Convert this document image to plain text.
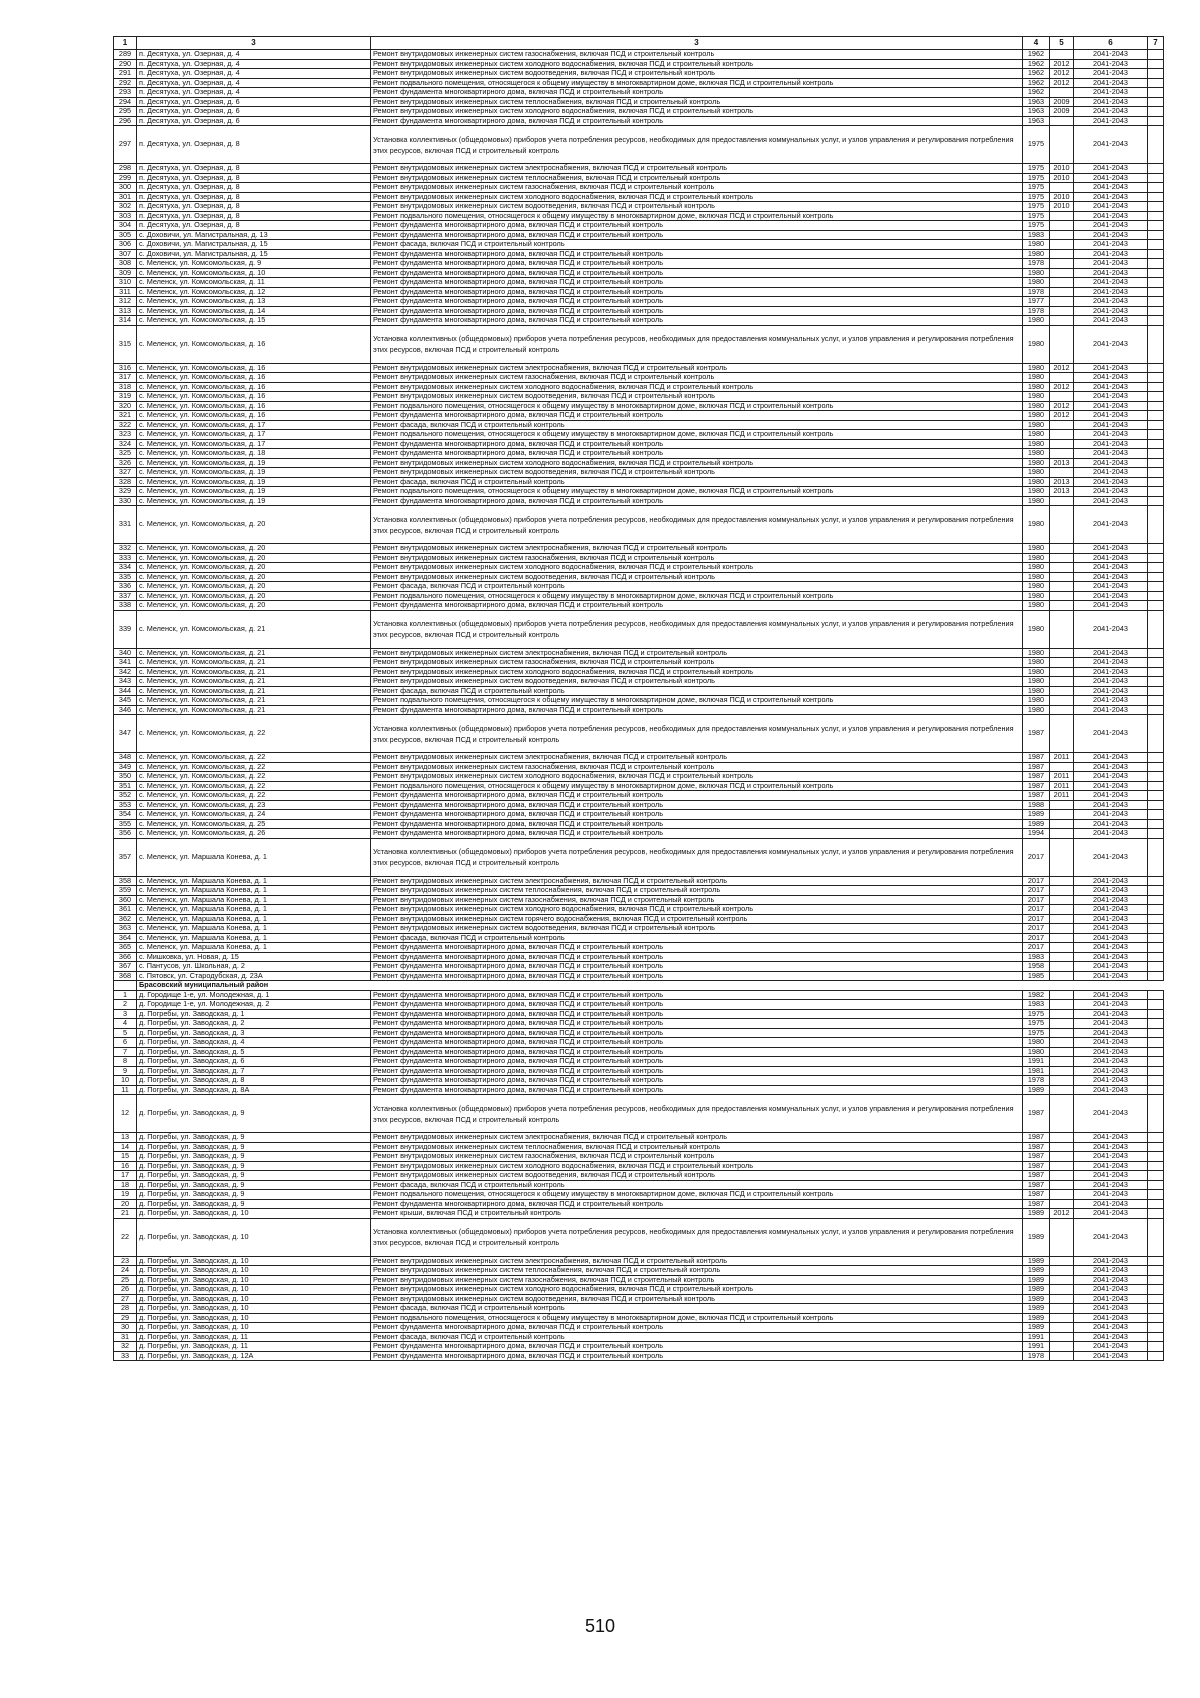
1	3	3	4	5	6	7
289	п. Десятуха, ул. Озерная, д. 4	Ремонт внутридомовых инженерных систем газоснабжения, включая ПСД и строительный контроль	1962		2041-2043	
290	п. Десятуха, ул. Озерная, д. 4	Ремонт внутридомовых инженерных систем холодного водоснабжения, включая ПСД и строительный контроль	1962	2012	2041-2043	
291	п. Десятуха, ул. Озерная, д. 4	Ремонт внутридомовых инженерных систем водоотведения, включая ПСД и строительный контроль	1962	2012	2041-2043	
292	п. Десятуха, ул. Озерная, д. 4	Ремонт подвального помещения, относящегося к общему имуществу в многоквартирном доме, включая ПСД и строительный контроль	1962	2012	2041-2043	
293	п. Десятуха, ул. Озерная, д. 4	Ремонт фундамента многоквартирного дома, включая ПСД и строительный контроль	1962		2041-2043	
294	п. Десятуха, ул. Озерная, д. 6	Ремонт внутридомовых инженерных систем теплоснабжения, включая ПСД и строительный контроль	1963	2009	2041-2043	
295	п. Десятуха, ул. Озерная, д. 6	Ремонт внутридомовых инженерных систем холодного водоснабжения, включая ПСД и строительный контроль	1963	2009	2041-2043	
296	п. Десятуха, ул. Озерная, д. 6	Ремонт фундамента многоквартирного дома, включая ПСД и строительный контроль	1963		2041-2043	
297	п. Десятуха, ул. Озерная, д. 8	Установка коллективных (общедомовых) приборов учета потребления ресурсов, необходимых для предоставления коммунальных услуг, и узлов управления и регулирования потребления этих ресурсов, включая ПСД и строительный контроль	1975		2041-2043	
298	п. Десятуха, ул. Озерная, д. 8	Ремонт внутридомовых инженерных систем электроснабжения, включая ПСД и строительный контроль	1975	2010	2041-2043	
299	п. Десятуха, ул. Озерная, д. 8	Ремонт внутридомовых инженерных систем теплоснабжения, включая ПСД и строительный контроль	1975	2010	2041-2043	
300	п. Десятуха, ул. Озерная, д. 8	Ремонт внутридомовых инженерных систем газоснабжения, включая ПСД и строительный контроль	1975		2041-2043	
301	п. Десятуха, ул. Озерная, д. 8	Ремонт внутридомовых инженерных систем холодного водоснабжения, включая ПСД и строительный контроль	1975	2010	2041-2043	
302	п. Десятуха, ул. Озерная, д. 8	Ремонт внутридомовых инженерных систем водоотведения, включая ПСД и строительный контроль	1975	2010	2041-2043	
303	п. Десятуха, ул. Озерная, д. 8	Ремонт подвального помещения, относящегося к общему имуществу в многоквартирном доме, включая ПСД и строительный контроль	1975		2041-2043	
304	п. Десятуха, ул. Озерная, д. 8	Ремонт фундамента многоквартирного дома, включая ПСД и строительный контроль	1975		2041-2043	
305	с. Доховичи, ул. Магистральная, д. 13	Ремонт фундамента многоквартирного дома, включая ПСД и строительный контроль	1983		2041-2043	
306	с. Доховичи, ул. Магистральная, д. 15	Ремонт фасада, включая ПСД и строительный контроль	1980		2041-2043	
307	с. Доховичи, ул. Магистральная, д. 15	Ремонт фундамента многоквартирного дома, включая ПСД и строительный контроль	1980		2041-2043	
308	с. Меленск, ул. Комсомольская, д. 9	Ремонт фундамента многоквартирного дома, включая ПСД и строительный контроль	1978		2041-2043	
309	с. Меленск, ул. Комсомольская, д. 10	Ремонт фундамента многоквартирного дома, включая ПСД и строительный контроль	1980		2041-2043	
310	с. Меленск, ул. Комсомольская, д. 11	Ремонт фундамента многоквартирного дома, включая ПСД и строительный контроль	1980		2041-2043	
311	с. Меленск, ул. Комсомольская, д. 12	Ремонт фундамента многоквартирного дома, включая ПСД и строительный контроль	1978		2041-2043	
312	с. Меленск, ул. Комсомольская, д. 13	Ремонт фундамента многоквартирного дома, включая ПСД и строительный контроль	1977		2041-2043	
313	с. Меленск, ул. Комсомольская, д. 14	Ремонт фундамента многоквартирного дома, включая ПСД и строительный контроль	1978		2041-2043	
314	с. Меленск, ул. Комсомольская, д. 15	Ремонт фундамента многоквартирного дома, включая ПСД и строительный контроль	1980		2041-2043	
315	с. Меленск, ул. Комсомольская, д. 16	Установка коллективных (общедомовых) приборов учета потребления ресурсов, необходимых для предоставления коммунальных услуг, и узлов управления и регулирования потребления этих ресурсов, включая ПСД и строительный контроль	1980		2041-2043	
316	с. Меленск, ул. Комсомольская, д. 16	Ремонт внутридомовых инженерных систем электроснабжения, включая ПСД и строительный контроль	1980	2012	2041-2043	
317	с. Меленск, ул. Комсомольская, д. 16	Ремонт внутридомовых инженерных систем газоснабжения, включая ПСД и строительный контроль	1980		2041-2043	
318	с. Меленск, ул. Комсомольская, д. 16	Ремонт внутридомовых инженерных систем холодного водоснабжения, включая ПСД и строительный контроль	1980	2012	2041-2043	
319	с. Меленск, ул. Комсомольская, д. 16	Ремонт внутридомовых инженерных систем водоотведения, включая ПСД и строительный контроль	1980		2041-2043	
320	с. Меленск, ул. Комсомольская, д. 16	Ремонт подвального помещения, относящегося к общему имуществу в многоквартирном доме, включая ПСД и строительный контроль	1980	2012	2041-2043	
321	с. Меленск, ул. Комсомольская, д. 16	Ремонт фундамента многоквартирного дома, включая ПСД и строительный контроль	1980	2012	2041-2043	
322	с. Меленск, ул. Комсомольская, д. 17	Ремонт фасада, включая ПСД и строительный контроль	1980		2041-2043	
323	с. Меленск, ул. Комсомольская, д. 17	Ремонт подвального помещения, относящегося к общему имуществу в многоквартирном доме, включая ПСД и строительный контроль	1980		2041-2043	
324	с. Меленск, ул. Комсомольская, д. 17	Ремонт фундамента многоквартирного дома, включая ПСД и строительный контроль	1980		2041-2043	
325	с. Меленск, ул. Комсомольская, д. 18	Ремонт фундамента многоквартирного дома, включая ПСД и строительный контроль	1980		2041-2043	
326	с. Меленск, ул. Комсомольская, д. 19	Ремонт внутридомовых инженерных систем холодного водоснабжения, включая ПСД и строительный контроль	1980	2013	2041-2043	
327	с. Меленск, ул. Комсомольская, д. 19	Ремонт внутридомовых инженерных систем водоотведения, включая ПСД и строительный контроль	1980		2041-2043	
328	с. Меленск, ул. Комсомольская, д. 19	Ремонт фасада, включая ПСД и строительный контроль	1980	2013	2041-2043	
329	с. Меленск, ул. Комсомольская, д. 19	Ремонт подвального помещения, относящегося к общему имуществу в многоквартирном доме, включая ПСД и строительный контроль	1980	2013	2041-2043	
330	с. Меленск, ул. Комсомольская, д. 19	Ремонт фундамента многоквартирного дома, включая ПСД и строительный контроль	1980		2041-2043	
331	с. Меленск, ул. Комсомольская, д. 20	Установка коллективных (общедомовых) приборов учета потребления ресурсов, необходимых для предоставления коммунальных услуг, и узлов управления и регулирования потребления этих ресурсов, включая ПСД и строительный контроль	1980		2041-2043	
332	с. Меленск, ул. Комсомольская, д. 20	Ремонт внутридомовых инженерных систем электроснабжения, включая ПСД и строительный контроль	1980		2041-2043	
333	с. Меленск, ул. Комсомольская, д. 20	Ремонт внутридомовых инженерных систем газоснабжения, включая ПСД и строительный контроль	1980		2041-2043	
334	с. Меленск, ул. Комсомольская, д. 20	Ремонт внутридомовых инженерных систем холодного водоснабжения, включая ПСД и строительный контроль	1980		2041-2043	
335	с. Меленск, ул. Комсомольская, д. 20	Ремонт внутридомовых инженерных систем водоотведения, включая ПСД и строительный контроль	1980		2041-2043	
336	с. Меленск, ул. Комсомольская, д. 20	Ремонт фасада, включая ПСД и строительный контроль	1980		2041-2043	
337	с. Меленск, ул. Комсомольская, д. 20	Ремонт подвального помещения, относящегося к общему имуществу в многоквартирном доме, включая ПСД и строительный контроль	1980		2041-2043	
338	с. Меленск, ул. Комсомольская, д. 20	Ремонт фундамента многоквартирного дома, включая ПСД и строительный контроль	1980		2041-2043	
339	с. Меленск, ул. Комсомольская, д. 21	Установка коллективных (общедомовых) приборов учета потребления ресурсов, необходимых для предоставления коммунальных услуг, и узлов управления и регулирования потребления этих ресурсов, включая ПСД и строительный контроль	1980		2041-2043	
340	с. Меленск, ул. Комсомольская, д. 21	Ремонт внутридомовых инженерных систем электроснабжения, включая ПСД и строительный контроль	1980		2041-2043	
341	с. Меленск, ул. Комсомольская, д. 21	Ремонт внутридомовых инженерных систем газоснабжения, включая ПСД и строительный контроль	1980		2041-2043	
342	с. Меленск, ул. Комсомольская, д. 21	Ремонт внутридомовых инженерных систем холодного водоснабжения, включая ПСД и строительный контроль	1980		2041-2043	
343	с. Меленск, ул. Комсомольская, д. 21	Ремонт внутридомовых инженерных систем водоотведения, включая ПСД и строительный контроль	1980		2041-2043	
344	с. Меленск, ул. Комсомольская, д. 21	Ремонт фасада, включая ПСД и строительный контроль	1980		2041-2043	
345	с. Меленск, ул. Комсомольская, д. 21	Ремонт подвального помещения, относящегося к общему имуществу в многоквартирном доме, включая ПСД и строительный контроль	1980		2041-2043	
346	с. Меленск, ул. Комсомольская, д. 21	Ремонт фундамента многоквартирного дома, включая ПСД и строительный контроль	1980		2041-2043	
347	с. Меленск, ул. Комсомольская, д. 22	Установка коллективных (общедомовых) приборов учета потребления ресурсов, необходимых для предоставления коммунальных услуг, и узлов управления и регулирования потребления этих ресурсов, включая ПСД и строительный контроль	1987		2041-2043	
348	с. Меленск, ул. Комсомольская, д. 22	Ремонт внутридомовых инженерных систем электроснабжения, включая ПСД и строительный контроль	1987	2011	2041-2043	
349	с. Меленск, ул. Комсомольская, д. 22	Ремонт внутридомовых инженерных систем газоснабжения, включая ПСД и строительный контроль	1987		2041-2043	
350	с. Меленск, ул. Комсомольская, д. 22	Ремонт внутридомовых инженерных систем холодного водоснабжения, включая ПСД и строительный контроль	1987	2011	2041-2043	
351	с. Меленск, ул. Комсомольская, д. 22	Ремонт подвального помещения, относящегося к общему имуществу в многоквартирном доме, включая ПСД и строительный контроль	1987	2011	2041-2043	
352	с. Меленск, ул. Комсомольская, д. 22	Ремонт фундамента многоквартирного дома, включая ПСД и строительный контроль	1987	2011	2041-2043	
353	с. Меленск, ул. Комсомольская, д. 23	Ремонт фундамента многоквартирного дома, включая ПСД и строительный контроль	1988		2041-2043	
354	с. Меленск, ул. Комсомольская, д. 24	Ремонт фундамента многоквартирного дома, включая ПСД и строительный контроль	1989		2041-2043	
355	с. Меленск, ул. Комсомольская, д. 25	Ремонт фундамента многоквартирного дома, включая ПСД и строительный контроль	1989		2041-2043	
356	с. Меленск, ул. Комсомольская, д. 26	Ремонт фундамента многоквартирного дома, включая ПСД и строительный контроль	1994		2041-2043	
357	с. Меленск, ул. Маршала Конева, д. 1	Установка коллективных (общедомовых) приборов учета потребления ресурсов, необходимых для предоставления коммунальных услуг, и узлов управления и регулирования потребления этих ресурсов, включая ПСД и строительный контроль	2017		2041-2043	
358	с. Меленск, ул. Маршала Конева, д. 1	Ремонт внутридомовых инженерных систем электроснабжения, включая ПСД и строительный контроль	2017		2041-2043	
359	с. Меленск, ул. Маршала Конева, д. 1	Ремонт внутридомовых инженерных систем теплоснабжения, включая ПСД и строительный контроль	2017		2041-2043	
360	с. Меленск, ул. Маршала Конева, д. 1	Ремонт внутридомовых инженерных систем газоснабжения, включая ПСД и строительный контроль	2017		2041-2043	
361	с. Меленск, ул. Маршала Конева, д. 1	Ремонт внутридомовых инженерных систем холодного водоснабжения, включая ПСД и строительный контроль	2017		2041-2043	
362	с. Меленск, ул. Маршала Конева, д. 1	Ремонт внутридомовых инженерных систем горячего водоснабжения, включая ПСД и строительный контроль	2017		2041-2043	
363	с. Меленск, ул. Маршала Конева, д. 1	Ремонт внутридомовых инженерных систем водоотведения, включая ПСД и строительный контроль	2017		2041-2043	
364	с. Меленск, ул. Маршала Конева, д. 1	Ремонт фасада, включая ПСД и строительный контроль	2017		2041-2043	
365	с. Меленск, ул. Маршала Конева, д. 1	Ремонт фундамента многоквартирного дома, включая ПСД и строительный контроль	2017		2041-2043	
366	с. Мишковка, ул. Новая, д. 15	Ремонт фундамента многоквартирного дома, включая ПСД и строительный контроль	1983		2041-2043	
367	с. Пантусов, ул. Школьная, д. 2	Ремонт фундамента многоквартирного дома, включая ПСД и строительный контроль	1958		2041-2043	
368	с. Пятовск, ул. Стародубская, д. 23А	Ремонт фундамента многоквартирного дома, включая ПСД и строительный контроль	1985		2041-2043	
	Брасовский муниципальный район					
1	д. Городище 1-е, ул. Молодежная, д. 1	Ремонт фундамента многоквартирного дома, включая ПСД и строительный контроль	1982		2041-2043	
2	д. Городище 1-е, ул. Молодежная, д. 2	Ремонт фундамента многоквартирного дома, включая ПСД и строительный контроль	1983		2041-2043	
3	д. Погребы, ул. Заводская, д. 1	Ремонт фундамента многоквартирного дома, включая ПСД и строительный контроль	1975		2041-2043	
4	д. Погребы, ул. Заводская, д. 2	Ремонт фундамента многоквартирного дома, включая ПСД и строительный контроль	1975		2041-2043	
5	д. Погребы, ул. Заводская, д. 3	Ремонт фундамента многоквартирного дома, включая ПСД и строительный контроль	1975		2041-2043	
6	д. Погребы, ул. Заводская, д. 4	Ремонт фундамента многоквартирного дома, включая ПСД и строительный контроль	1980		2041-2043	
7	д. Погребы, ул. Заводская, д. 5	Ремонт фундамента многоквартирного дома, включая ПСД и строительный контроль	1980		2041-2043	
8	д. Погребы, ул. Заводская, д. 6	Ремонт фундамента многоквартирного дома, включая ПСД и строительный контроль	1991		2041-2043	
9	д. Погребы, ул. Заводская, д. 7	Ремонт фундамента многоквартирного дома, включая ПСД и строительный контроль	1981		2041-2043	
10	д. Погребы, ул. Заводская, д. 8	Ремонт фундамента многоквартирного дома, включая ПСД и строительный контроль	1978		2041-2043	
11	д. Погребы, ул. Заводская, д. 8А	Ремонт фундамента многоквартирного дома, включая ПСД и строительный контроль	1989		2041-2043	
12	д. Погребы, ул. Заводская, д. 9	Установка коллективных (общедомовых) приборов учета потребления ресурсов, необходимых для предоставления коммунальных услуг, и узлов управления и регулирования потребления этих ресурсов, включая ПСД и строительный контроль	1987		2041-2043	
13	д. Погребы, ул. Заводская, д. 9	Ремонт внутридомовых инженерных систем электроснабжения, включая ПСД и строительный контроль	1987		2041-2043	
14	д. Погребы, ул. Заводская, д. 9	Ремонт внутридомовых инженерных систем теплоснабжения, включая ПСД и строительный контроль	1987		2041-2043	
15	д. Погребы, ул. Заводская, д. 9	Ремонт внутридомовых инженерных систем газоснабжения, включая ПСД и строительный контроль	1987		2041-2043	
16	д. Погребы, ул. Заводская, д. 9	Ремонт внутридомовых инженерных систем холодного водоснабжения, включая ПСД и строительный контроль	1987		2041-2043	
17	д. Погребы, ул. Заводская, д. 9	Ремонт внутридомовых инженерных систем водоотведения, включая ПСД и строительный контроль	1987		2041-2043	
18	д. Погребы, ул. Заводская, д. 9	Ремонт фасада, включая ПСД и строительный контроль	1987		2041-2043	
19	д. Погребы, ул. Заводская, д. 9	Ремонт подвального помещения, относящегося к общему имуществу в многоквартирном доме, включая ПСД и строительный контроль	1987		2041-2043	
20	д. Погребы, ул. Заводская, д. 9	Ремонт фундамента многоквартирного дома, включая ПСД и строительный контроль	1987		2041-2043	
21	д. Погребы, ул. Заводская, д. 10	Ремонт крыши, включая ПСД и строительный контроль	1989	2012	2041-2043	
22	д. Погребы, ул. Заводская, д. 10	Установка коллективных (общедомовых) приборов учета потребления ресурсов, необходимых для предоставления коммунальных услуг, и узлов управления и регулирования потребления этих ресурсов, включая ПСД и строительный контроль	1989		2041-2043	
23	д. Погребы, ул. Заводская, д. 10	Ремонт внутридомовых инженерных систем электроснабжения, включая ПСД и строительный контроль	1989		2041-2043	
24	д. Погребы, ул. Заводская, д. 10	Ремонт внутридомовых инженерных систем теплоснабжения, включая ПСД и строительный контроль	1989		2041-2043	
25	д. Погребы, ул. Заводская, д. 10	Ремонт внутридомовых инженерных систем газоснабжения, включая ПСД и строительный контроль	1989		2041-2043	
26	д. Погребы, ул. Заводская, д. 10	Ремонт внутридомовых инженерных систем холодного водоснабжения, включая ПСД и строительный контроль	1989		2041-2043	
27	д. Погребы, ул. Заводская, д. 10	Ремонт внутридомовых инженерных систем водоотведения, включая ПСД и строительный контроль	1989		2041-2043	
28	д. Погребы, ул. Заводская, д. 10	Ремонт фасада, включая ПСД и строительный контроль	1989		2041-2043	
29	д. Погребы, ул. Заводская, д. 10	Ремонт подвального помещения, относящегося к общему имуществу в многоквартирном доме, включая ПСД и строительный контроль	1989		2041-2043	
30	д. Погребы, ул. Заводская, д. 10	Ремонт фундамента многоквартирного дома, включая ПСД и строительный контроль	1989		2041-2043	
31	д. Погребы, ул. Заводская, д. 11	Ремонт фасада, включая ПСД и строительный контроль	1991		2041-2043	
32	д. Погребы, ул. Заводская, д. 11	Ремонт фундамента многоквартирного дома, включая ПСД и строительный контроль	1991		2041-2043	
33	д. Погребы, ул. Заводская, д. 12А	Ремонт фундамента многоквартирного дома, включая ПСД и строительный контроль	1978		2041-2043	
510
